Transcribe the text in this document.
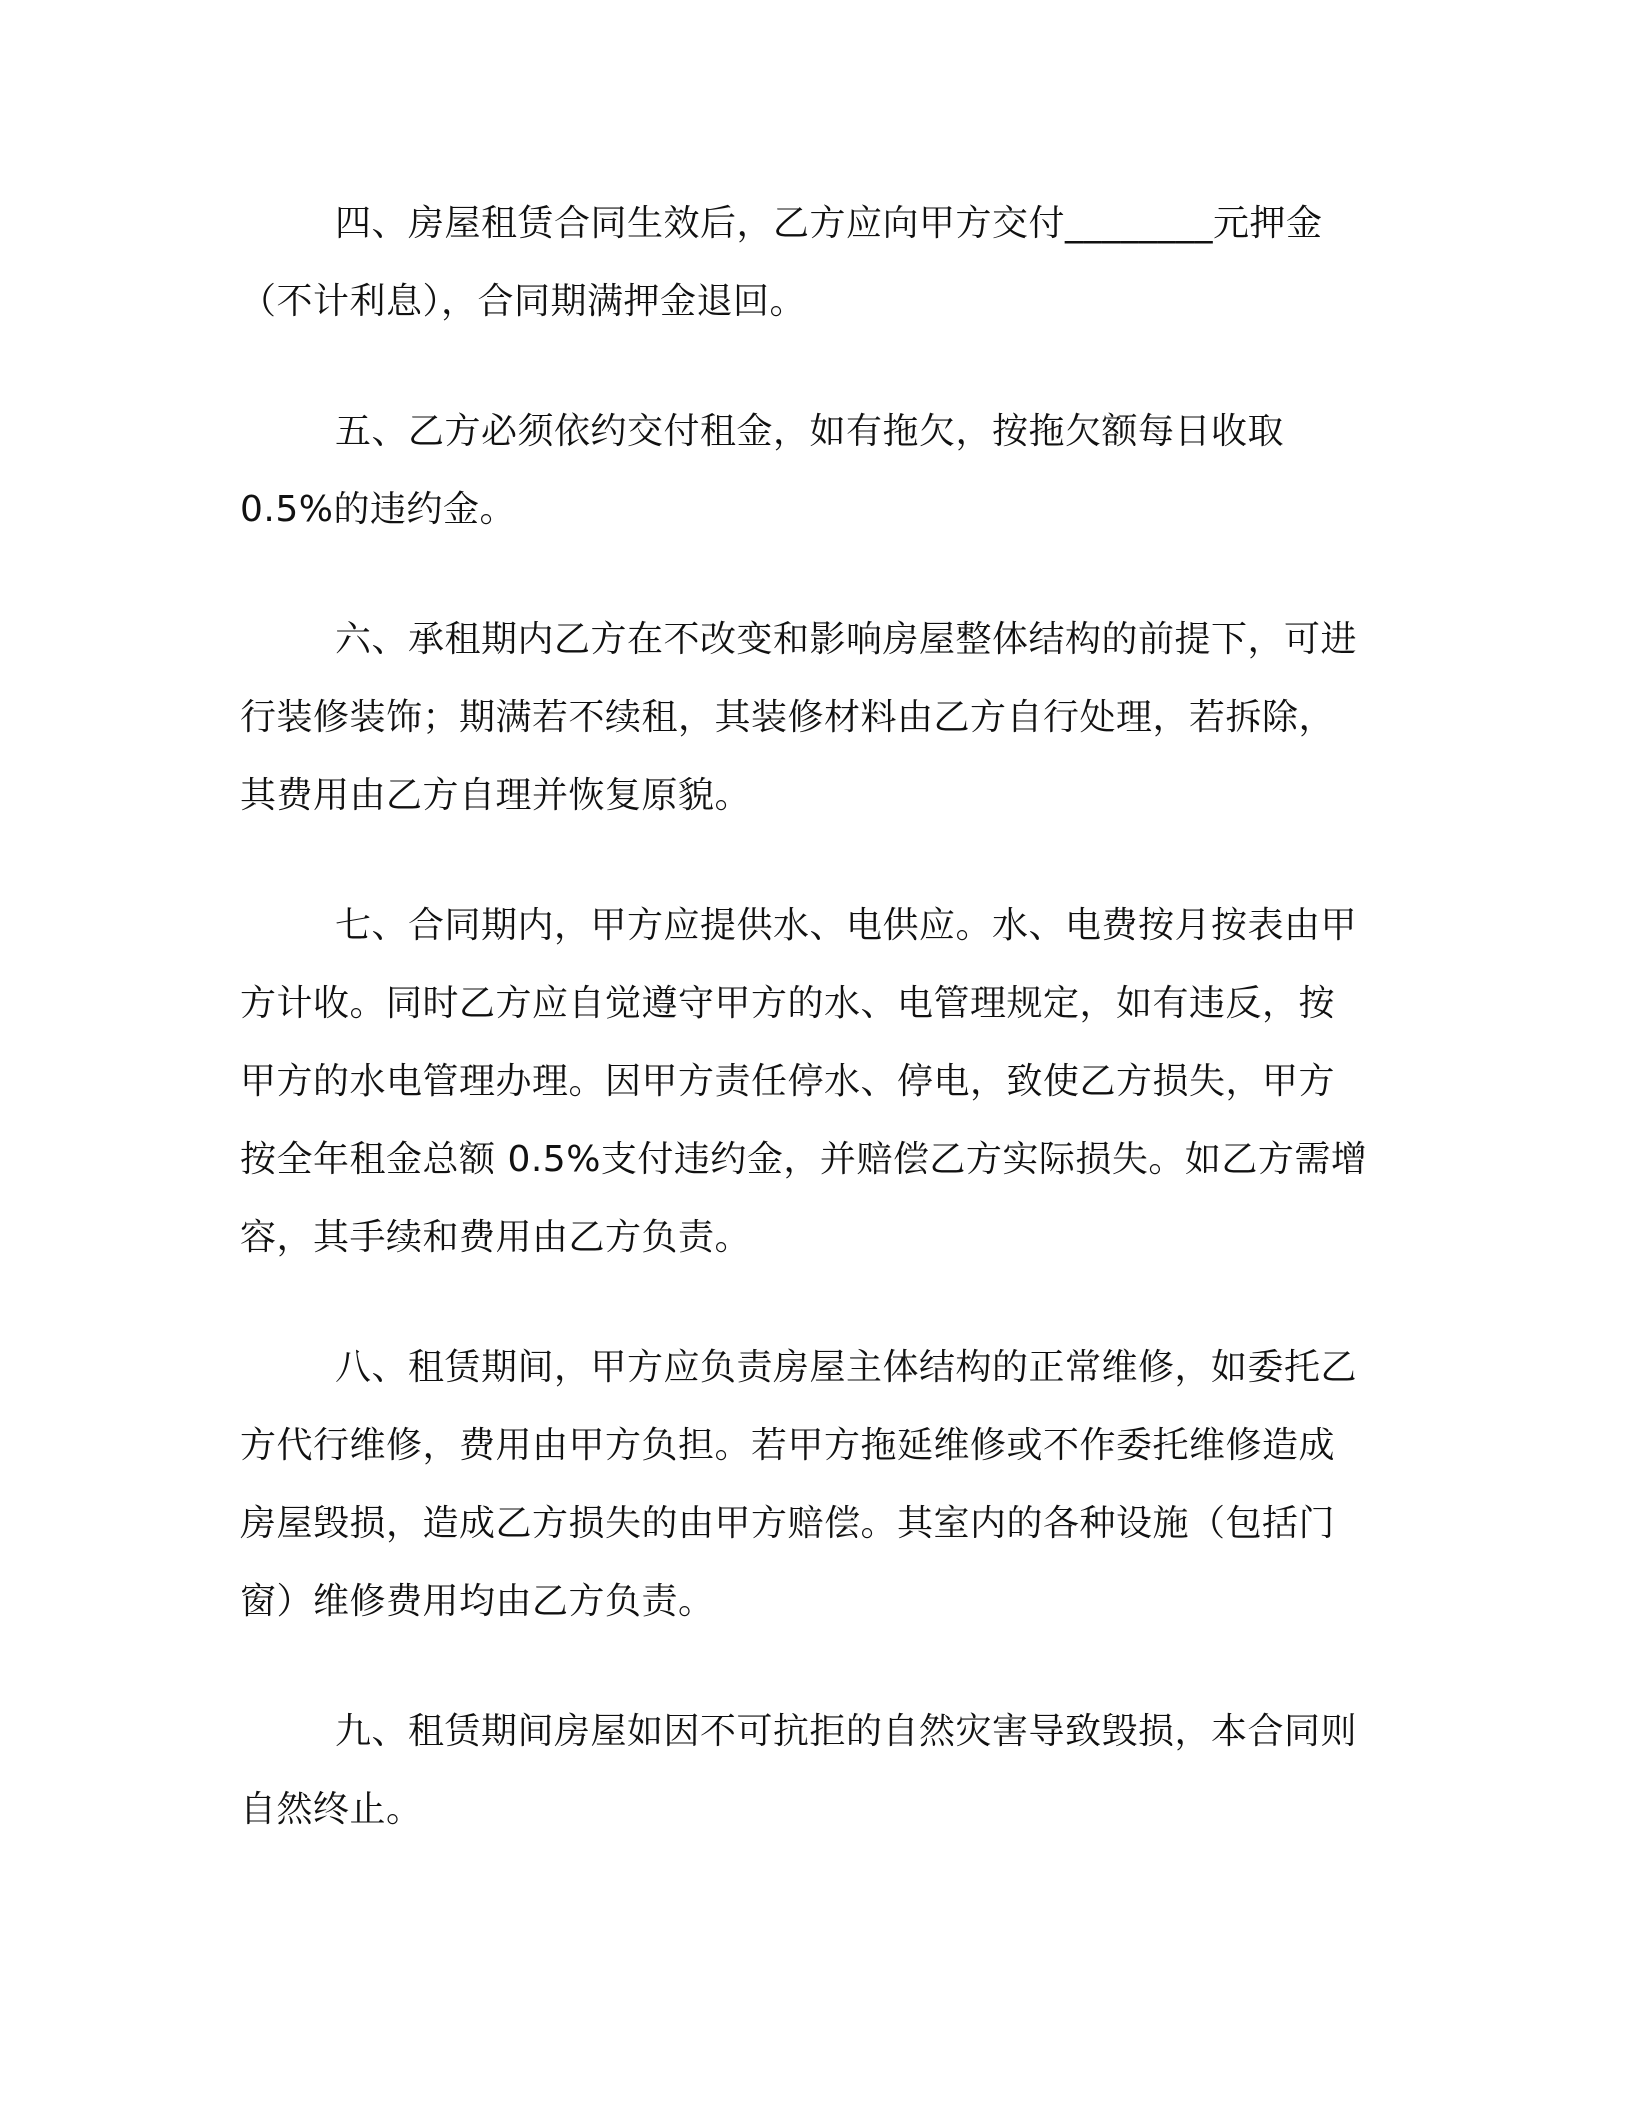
四、房屋租赁合同生效后，乙方应向甲方交付________元押金
（不计利息），合同期满押金退回。
五、乙方必须依约交付租金，如有拖欠，按拖欠额每日收取
0.5%的违约金。
六、承租期内乙方在不改变和影响房屋整体结构的前提下，可进
行装修装饰；期满若不续租，其装修材料由乙方自行处理，若拆除，
其费用由乙方自理并恢复原貌。
七、合同期内，甲方应提供水、电供应。水、电费按月按表由甲
方计收。同时乙方应自觉遵守甲方的水、电管理规定，如有违反，按
甲方的水电管理办理。因甲方责任停水、停电，致使乙方损失，甲方
按全年租金总额 0.5%支付违约金，并赔偿乙方实际损失。如乙方需增
容，其手续和费用由乙方负责。
八、租赁期间，甲方应负责房屋主体结构的正常维修，如委托乙
方代行维修，费用由甲方负担。若甲方拖延维修或不作委托维修造成
房屋毁损，造成乙方损失的由甲方赔偿。其室内的各种设施（包括门
窗）维修费用均由乙方负责。
九、租赁期间房屋如因不可抗拒的自然灾害导致毁损，本合同则
自然终止。
